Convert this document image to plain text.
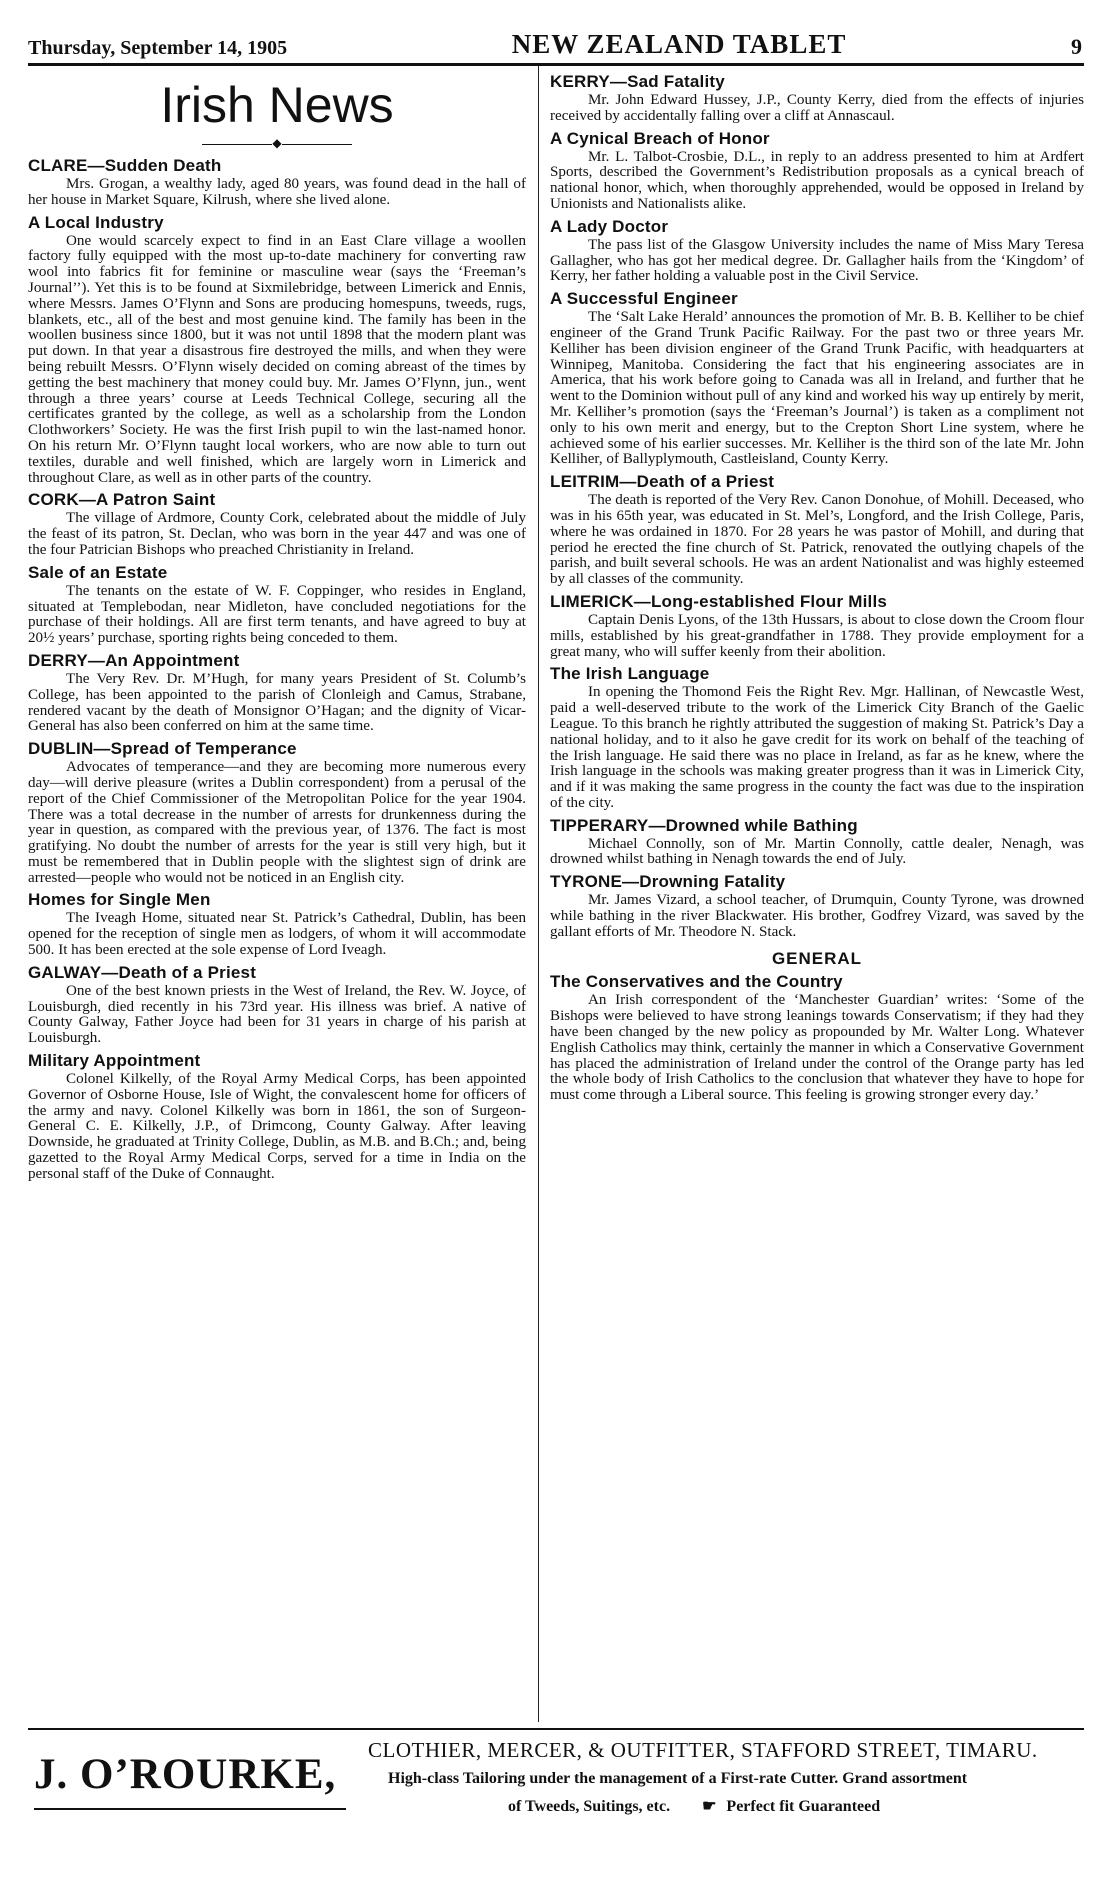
Thursday, September 14, 1905	NEW ZEALAND TABLET	9
Irish News
◆
CLARE—Sudden Death

Mrs. Grogan, a wealthy lady, aged 80 years, was found dead in the hall of her house in Market Square, Kilrush, where she lived alone.

A Local Industry

One would scarcely expect to find in an East Clare village a woollen factory fully equipped with the most up-to-date machinery for converting raw wool into fabrics fit for feminine or masculine wear (says the ‘Freeman’s Journal’’). Yet this is to be found at Sixmilebridge, between Limerick and Ennis, where Messrs. James O’Flynn and Sons are producing homespuns, tweeds, rugs, blankets, etc., all of the best and most genuine kind. The family has been in the woollen business since 1800, but it was not until 1898 that the modern plant was put down. In that year a disastrous fire destroyed the mills, and when they were being rebuilt Messrs. O’Flynn wisely decided on coming abreast of the times by getting the best machinery that money could buy. Mr. James O’Flynn, jun., went through a three years’ course at Leeds Technical College, securing all the certificates granted by the college, as well as a scholarship from the London Clothworkers’ Society. He was the first Irish pupil to win the last-named honor. On his return Mr. O’Flynn taught local workers, who are now able to turn out textiles, durable and well finished, which are largely worn in Limerick and throughout Clare, as well as in other parts of the country.

CORK—A Patron Saint

The village of Ardmore, County Cork, celebrated about the middle of July the feast of its patron, St. Declan, who was born in the year 447 and was one of the four Patrician Bishops who preached Christianity in Ireland.

Sale of an Estate

The tenants on the estate of W. F. Coppinger, who resides in England, situated at Templebodan, near Midleton, have concluded negotiations for the purchase of their holdings. All are first term tenants, and have agreed to buy at 20½ years’ purchase, sporting rights being conceded to them.

DERRY—An Appointment

The Very Rev. Dr. M’Hugh, for many years President of St. Columb’s College, has been appointed to the parish of Clonleigh and Camus, Strabane, rendered vacant by the death of Monsignor O’Hagan; and the dignity of Vicar-General has also been conferred on him at the same time.

DUBLIN—Spread of Temperance

Advocates of temperance—and they are becoming more numerous every day—will derive pleasure (writes a Dublin correspondent) from a perusal of the report of the Chief Commissioner of the Metropolitan Police for the year 1904. There was a total decrease in the number of arrests for drunkenness during the year in question, as compared with the previous year, of 1376. The fact is most gratifying. No doubt the number of arrests for the year is still very high, but it must be remembered that in Dublin people with the slightest sign of drink are arrested—people who would not be noticed in an English city.

Homes for Single Men

The Iveagh Home, situated near St. Patrick’s Cathedral, Dublin, has been opened for the reception of single men as lodgers, of whom it will accommodate 500. It has been erected at the sole expense of Lord Iveagh.

GALWAY—Death of a Priest

One of the best known priests in the West of Ireland, the Rev. W. Joyce, of Louisburgh, died recently in his 73rd year. His illness was brief. A native of County Galway, Father Joyce had been for 31 years in charge of his parish at Louisburgh.

Military Appointment

Colonel Kilkelly, of the Royal Army Medical Corps, has been appointed Governor of Osborne House, Isle of Wight, the convalescent home for officers of the army and navy. Colonel Kilkelly was born in 1861, the son of Surgeon-General C. E. Kilkelly, J.P., of Drimcong, County Galway. After leaving Downside, he graduated at Trinity College, Dublin, as M.B. and B.Ch.; and, being gazetted to the Royal Army Medical Corps, served for a time in India on the personal staff of the Duke of Connaught.

KERRY—Sad Fatality

Mr. John Edward Hussey, J.P., County Kerry, died from the effects of injuries received by accidentally falling over a cliff at Annascaul.

A Cynical Breach of Honor

Mr. L. Talbot-Crosbie, D.L., in reply to an address presented to him at Ardfert Sports, described the Government’s Redistribution proposals as a cynical breach of national honor, which, when thoroughly apprehended, would be opposed in Ireland by Unionists and Nationalists alike.

A Lady Doctor

The pass list of the Glasgow University includes the name of Miss Mary Teresa Gallagher, who has got her medical degree. Dr. Gallagher hails from the ‘Kingdom’ of Kerry, her father holding a valuable post in the Civil Service.

A Successful Engineer

The ‘Salt Lake Herald’ announces the promotion of Mr. B. B. Kelliher to be chief engineer of the Grand Trunk Pacific Railway. For the past two or three years Mr. Kelliher has been division engineer of the Grand Trunk Pacific, with headquarters at Winnipeg, Manitoba. Considering the fact that his engineering associates are in America, that his work before going to Canada was all in Ireland, and further that he went to the Dominion without pull of any kind and worked his way up entirely by merit, Mr. Kelliher’s promotion (says the ‘Freeman’s Journal’) is taken as a compliment not only to his own merit and energy, but to the Crepton Short Line system, where he achieved some of his earlier successes. Mr. Kelliher is the third son of the late Mr. John Kelliher, of Ballyplymouth, Castleisland, County Kerry.

LEITRIM—Death of a Priest

The death is reported of the Very Rev. Canon Donohue, of Mohill. Deceased, who was in his 65th year, was educated in St. Mel’s, Longford, and the Irish College, Paris, where he was ordained in 1870. For 28 years he was pastor of Mohill, and during that period he erected the fine church of St. Patrick, renovated the outlying chapels of the parish, and built several schools. He was an ardent Nationalist and was highly esteemed by all classes of the community.

LIMERICK—Long-established Flour Mills

Captain Denis Lyons, of the 13th Hussars, is about to close down the Croom flour mills, established by his great-grandfather in 1788. They provide employment for a great many, who will suffer keenly from their abolition.

The Irish Language

In opening the Thomond Feis the Right Rev. Mgr. Hallinan, of Newcastle West, paid a well-deserved tribute to the work of the Limerick City Branch of the Gaelic League. To this branch he rightly attributed the suggestion of making St. Patrick’s Day a national holiday, and to it also he gave credit for its work on behalf of the teaching of the Irish language. He said there was no place in Ireland, as far as he knew, where the Irish language in the schools was making greater progress than it was in Limerick City, and if it was making the same progress in the county the fact was due to the inspiration of the city.

TIPPERARY—Drowned while Bathing

Michael Connolly, son of Mr. Martin Connolly, cattle dealer, Nenagh, was drowned whilst bathing in Nenagh towards the end of July.

TYRONE—Drowning Fatality

Mr. James Vizard, a school teacher, of Drumquin, County Tyrone, was drowned while bathing in the river Blackwater. His brother, Godfrey Vizard, was saved by the gallant efforts of Mr. Theodore N. Stack.

GENERAL
The Conservatives and the Country

An Irish correspondent of the ‘Manchester Guardian’ writes: ‘Some of the Bishops were believed to have strong leanings towards Conservatism; if they had they have been changed by the new policy as propounded by Mr. Walter Long. Whatever English Catholics may think, certainly the manner in which a Conservative Government has placed the administration of Ireland under the control of the Orange party has led the whole body of Irish Catholics to the conclusion that whatever they have to hope for must come through a Liberal source. This feeling is growing stronger every day.’

J. O’ROURKE,
CLOTHIER, MERCER, & OUTFITTER, STAFFORD STREET, TIMARU.
High-class Tailoring under the management of a First-rate Cutter. Grand assortment
of Tweeds, Suitings, etc. ☛ Perfect fit Guaranteed
